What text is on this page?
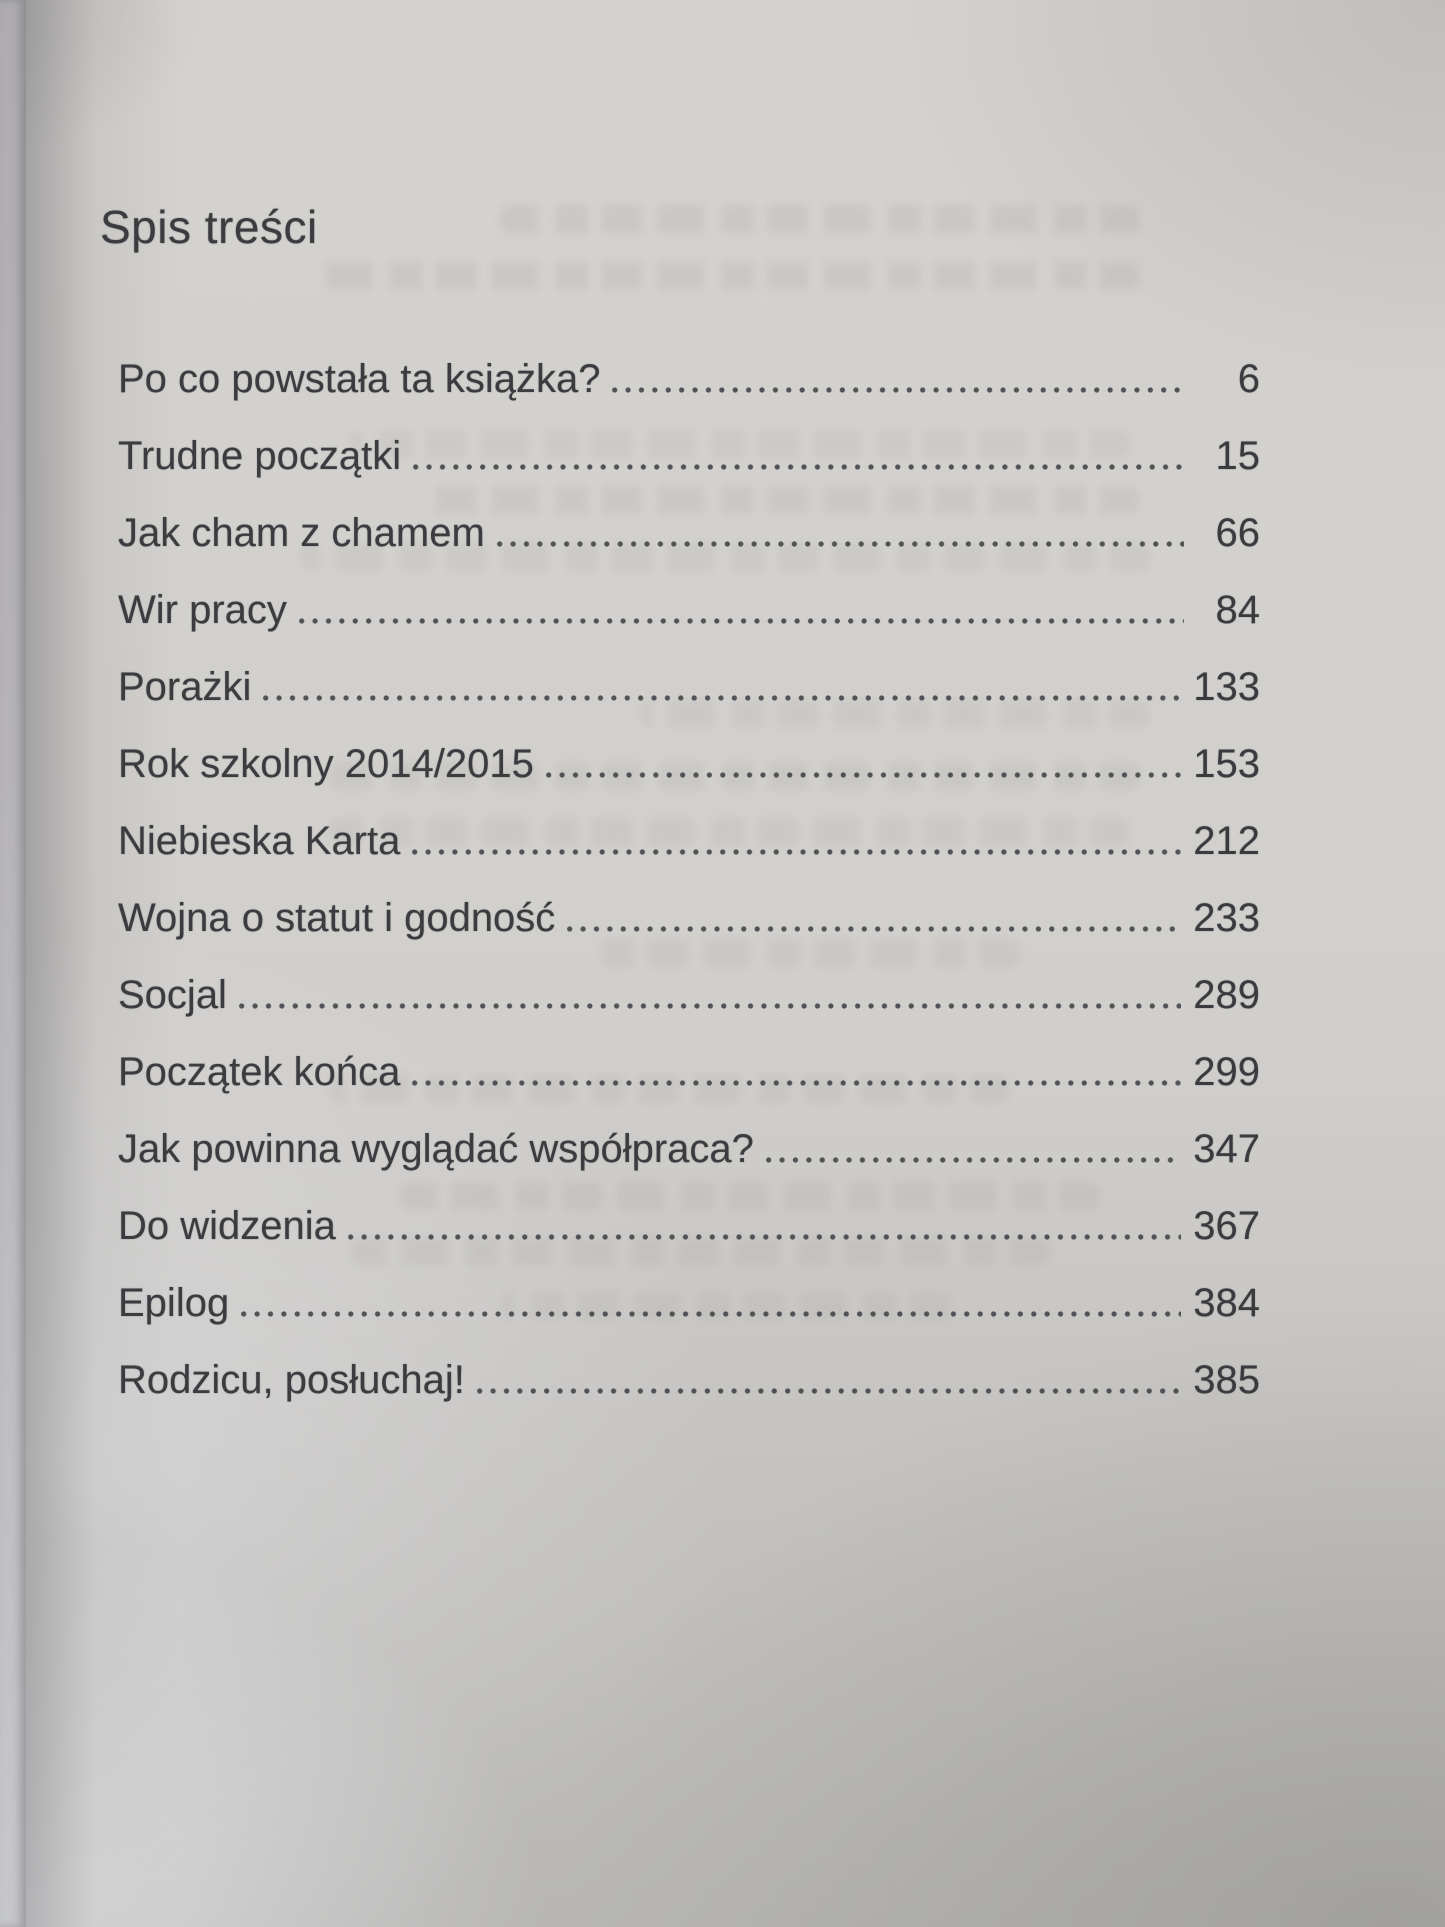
Spis treści
Po co powstała ta książka?	6
Trudne początki	15
Jak cham z chamem	66
Wir pracy	84
Porażki	133
Rok szkolny 2014/2015	153
Niebieska Karta	212
Wojna o statut i godność	233
Socjal	289
Początek końca	299
Jak powinna wyglądać współpraca?	347
Do widzenia	367
Epilog	384
Rodzicu, posłuchaj!	385
